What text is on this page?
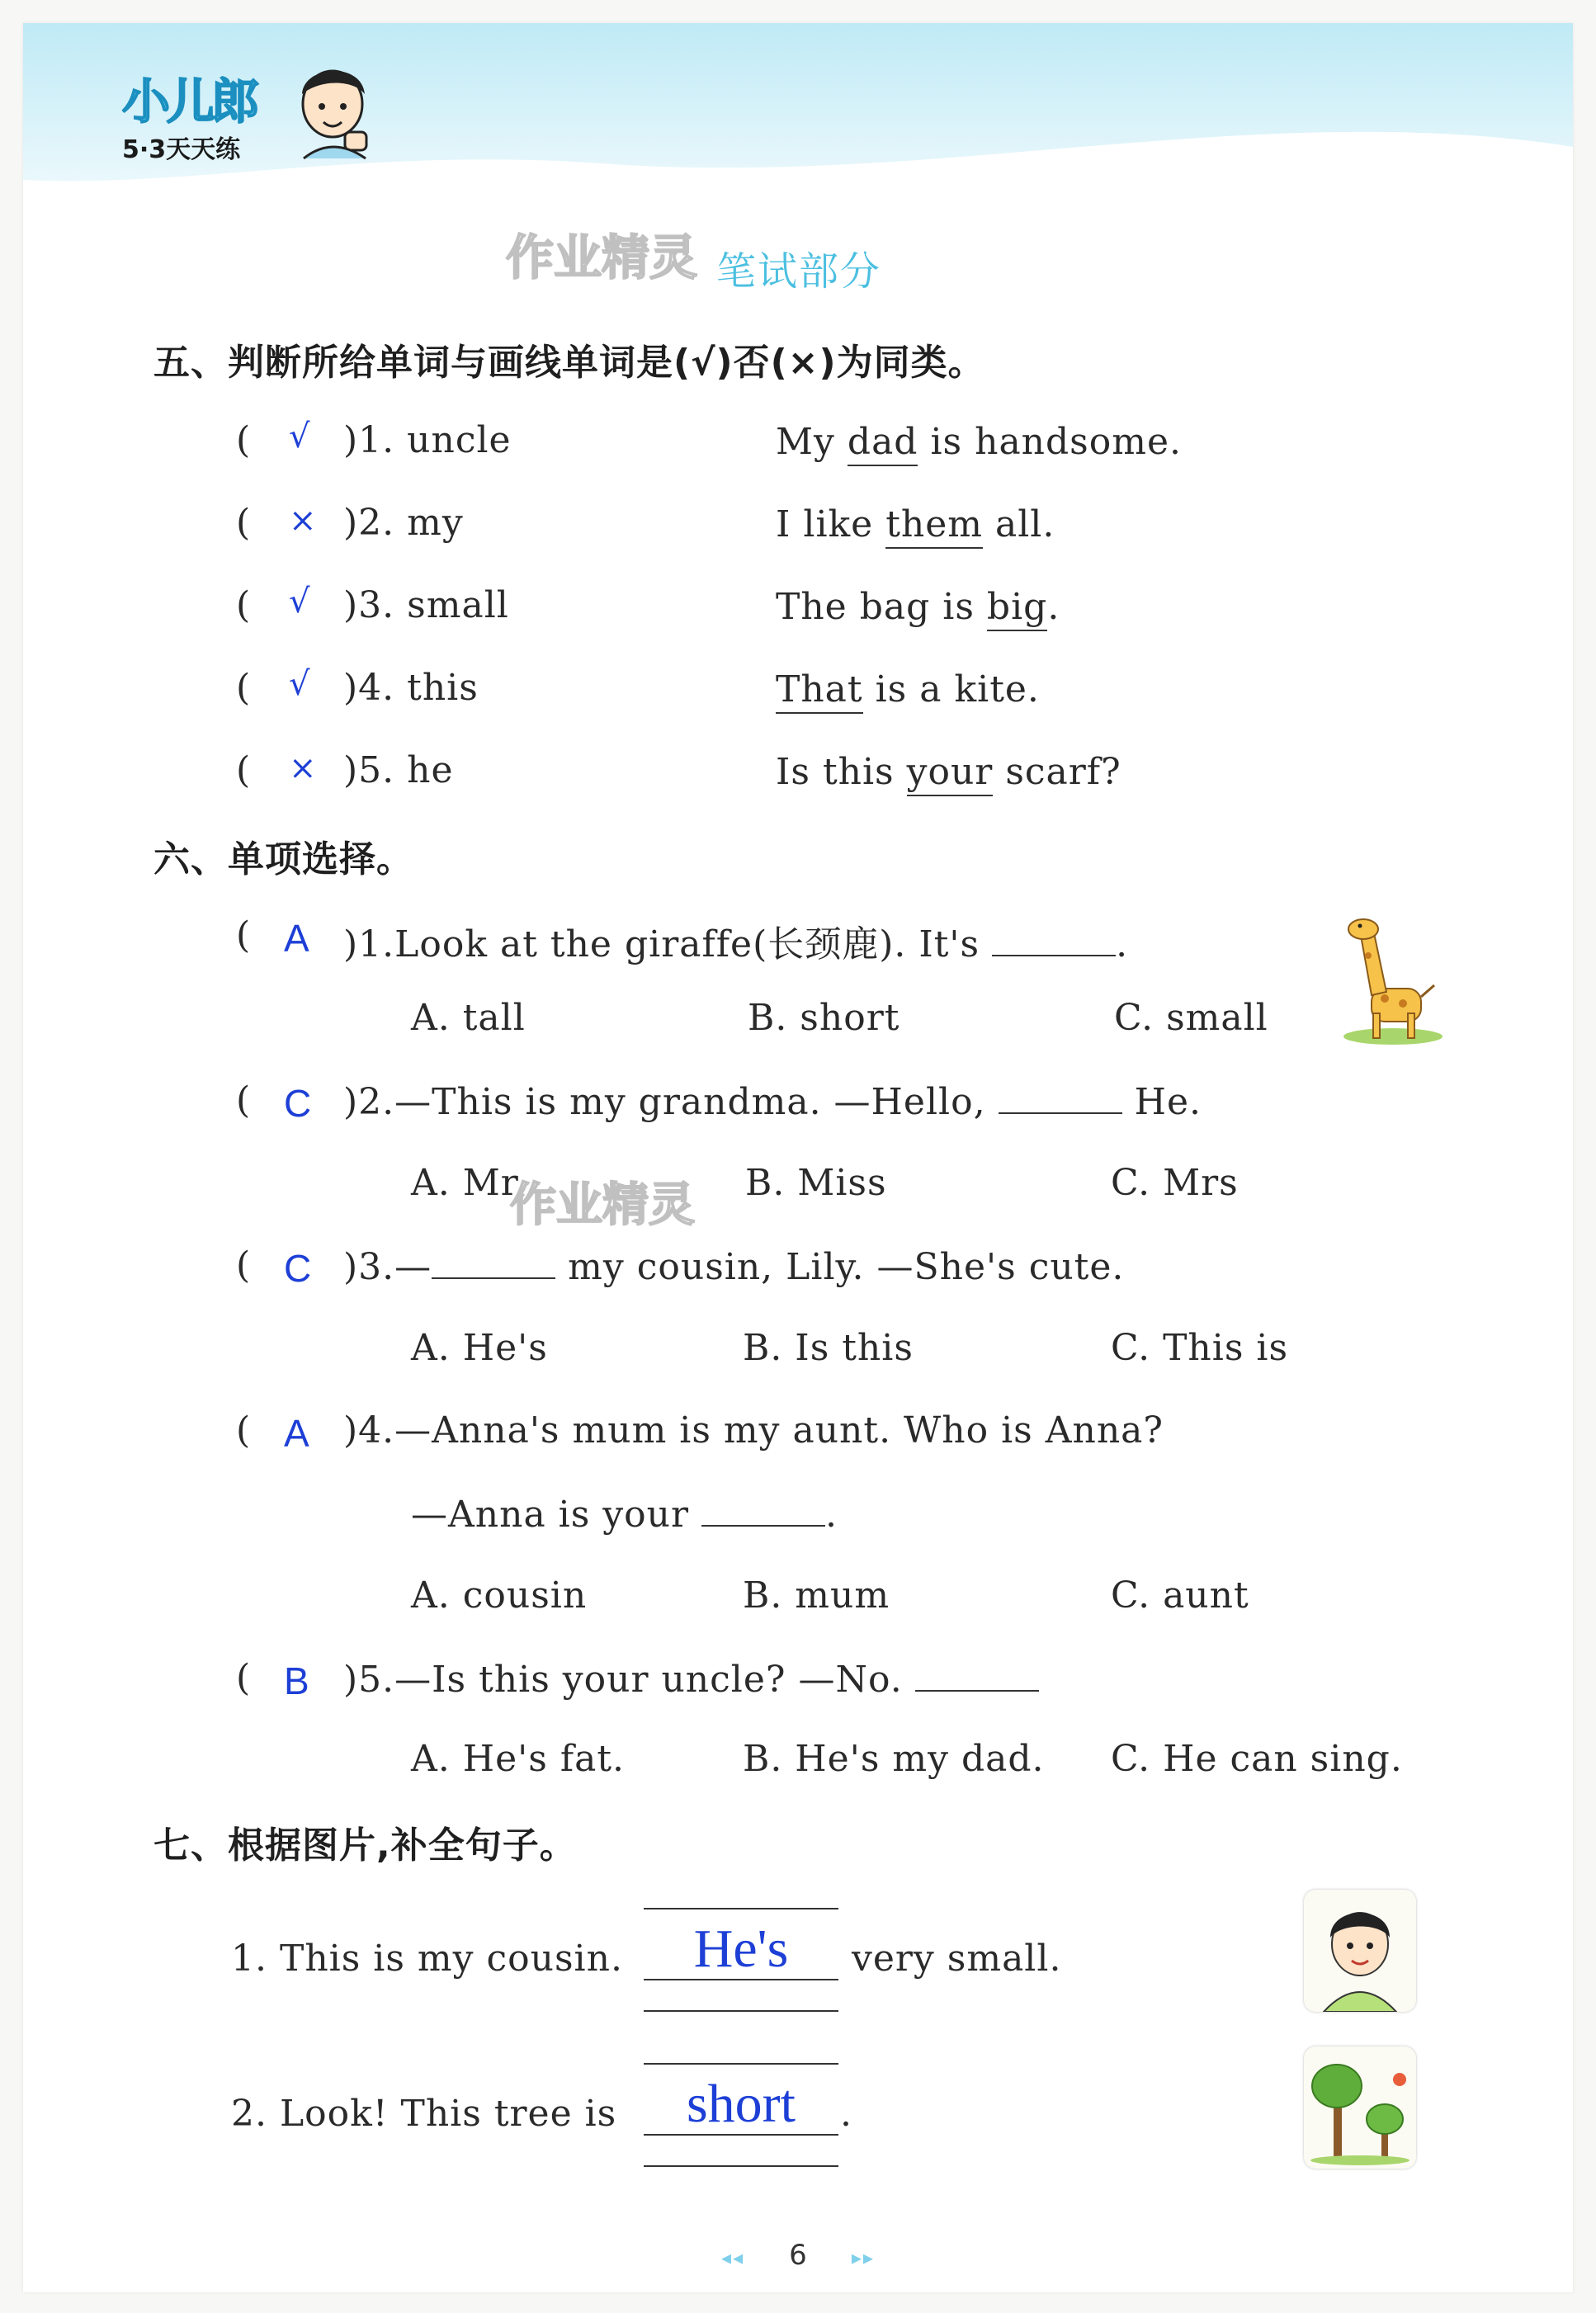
小儿郎
5·3天天练
作业精灵 笔试部分
五、判断所给单词与画线单词是(√)否(×)为同类。
( √ )1. uncle	My dad is handsome.
( × )2. my	I like them all.
( √ )3. small	The bag is big.
( √ )4. this	That is a kite.
( × )5. he	Is this your scarf?
六、单项选择。
( A )1.Look at the giraffe(长颈鹿). It's	.
A. tall	B. short	C. small
( C )2.—This is my grandma. —Hello,	He.
A. Mr	B. Miss	C. Mrs
作业精灵
( C )3.—	my cousin, Lily. —She's cute.
A. He's	B. Is this	C. This is
( A )4.—Anna's mum is my aunt. Who is Anna?
—Anna is your	.
A. cousin	B. mum	C. aunt
( B )5.—Is this your uncle? —No.
A. He's fat.	B. He's my dad. C. He can sing.
七、根据图片,补全句子。
1. This is my cousin.	He's	very small.
2. Look! This tree is	short	.
◂◂ 6 ▸▸
